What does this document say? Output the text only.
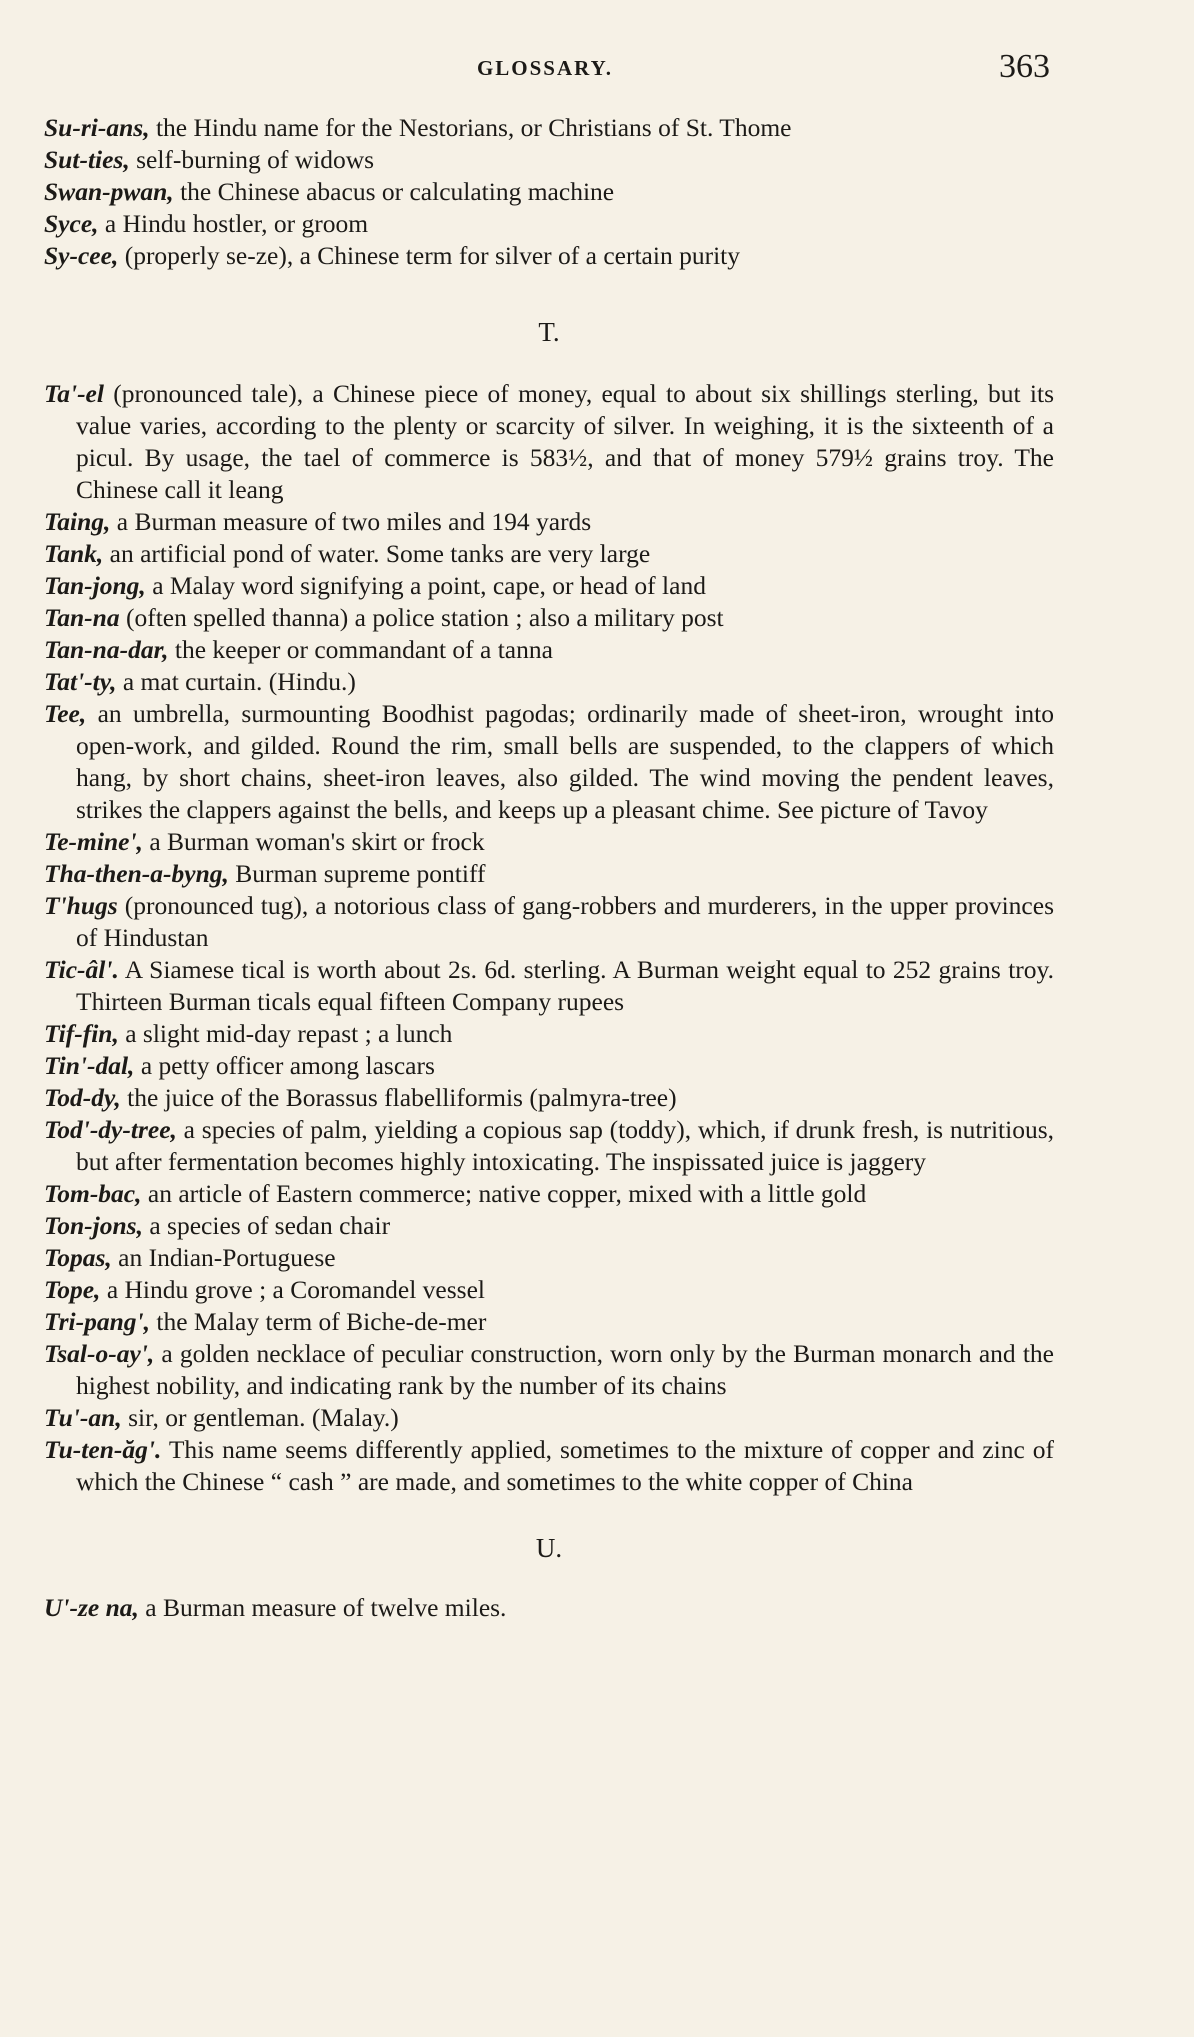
GLOSSARY.	363

Su-ri-ans, the Hindu name for the Nestorians, or Christians of St. Thome

Sut-ties, self-burning of widows

Swan-pwan, the Chinese abacus or calculating machine

Syce, a Hindu hostler, or groom

Sy-cee, (properly se-ze), a Chinese term for silver of a certain purity

T.

Ta'-el (pronounced tale), a Chinese piece of money, equal to about six shillings sterling, but its value varies, according to the plenty or scarcity of silver. In weighing, it is the sixteenth of a picul. By usage, the tael of commerce is 583½, and that of money 579½ grains troy. The Chinese call it leang

Taing, a Burman measure of two miles and 194 yards

Tank, an artificial pond of water. Some tanks are very large

Tan-jong, a Malay word signifying a point, cape, or head of land

Tan-na (often spelled thanna) a police station ; also a military post

Tan-na-dar, the keeper or commandant of a tanna

Tat'-ty, a mat curtain. (Hindu.)

Tee, an umbrella, surmounting Boodhist pagodas; ordinarily made of sheet-iron, wrought into open-work, and gilded. Round the rim, small bells are suspended, to the clappers of which hang, by short chains, sheet-iron leaves, also gilded. The wind moving the pendent leaves, strikes the clappers against the bells, and keeps up a pleasant chime. See picture of Tavoy

Te-mine', a Burman woman's skirt or frock

Tha-then-a-byng, Burman supreme pontiff

T'hugs (pronounced tug), a notorious class of gang-robbers and murderers, in the upper provinces of Hindustan

Tic-âl'. A Siamese tical is worth about 2s. 6d. sterling. A Burman weight equal to 252 grains troy. Thirteen Burman ticals equal fifteen Company rupees

Tif-fin, a slight mid-day repast ; a lunch

Tin'-dal, a petty officer among lascars

Tod-dy, the juice of the Borassus flabelliformis (palmyra-tree)

Tod'-dy-tree, a species of palm, yielding a copious sap (toddy), which, if drunk fresh, is nutritious, but after fermentation becomes highly intoxicating. The inspissated juice is jaggery

Tom-bac, an article of Eastern commerce; native copper, mixed with a little gold

Ton-jons, a species of sedan chair

Topas, an Indian-Portuguese

Tope, a Hindu grove ; a Coromandel vessel

Tri-pang', the Malay term of Biche-de-mer

Tsal-o-ay', a golden necklace of peculiar construction, worn only by the Burman monarch and the highest nobility, and indicating rank by the number of its chains

Tu'-an, sir, or gentleman. (Malay.)

Tu-ten-ăg'. This name seems differently applied, sometimes to the mixture of copper and zinc of which the Chinese “ cash ” are made, and sometimes to the white copper of China

U.

U'-ze na, a Burman measure of twelve miles.
